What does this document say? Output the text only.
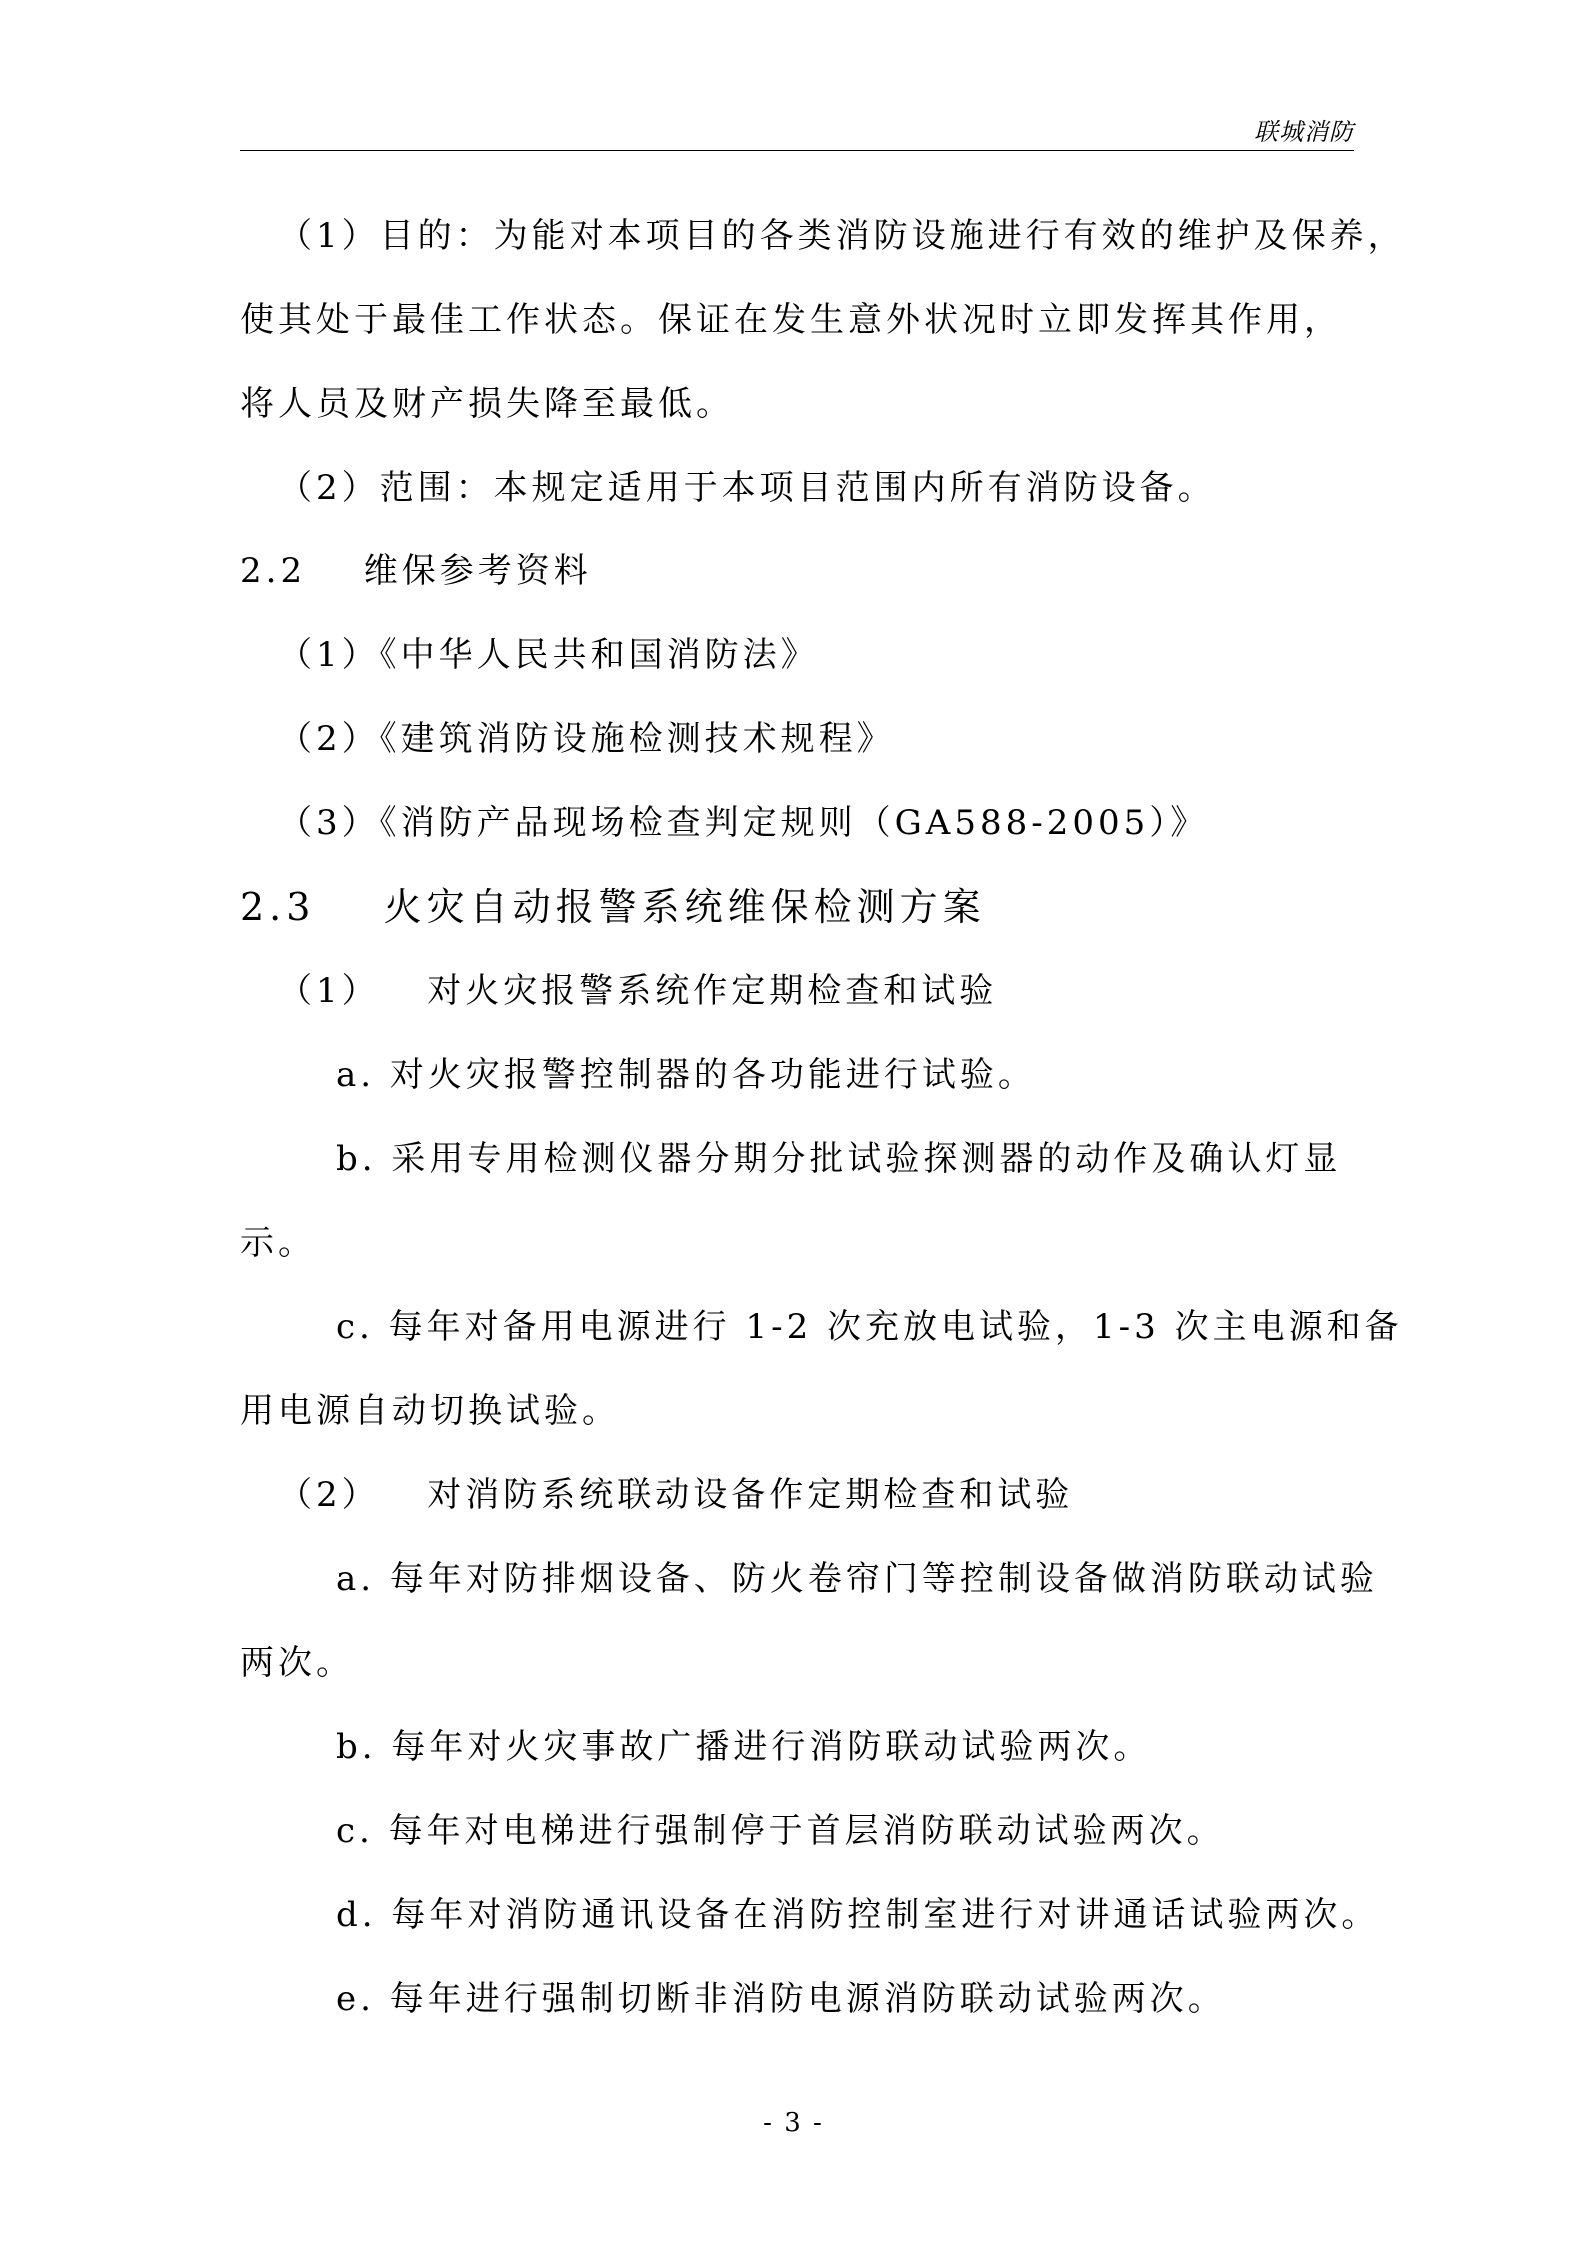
联城消防
（1）目的：为能对本项目的各类消防设施进行有效的维护及保养，
使其处于最佳工作状态。保证在发生意外状况时立即发挥其作用，
将人员及财产损失降至最低。
（2）范围：本规定适用于本项目范围内所有消防设备。
2.2 维保参考资料
（1）《中华人民共和国消防法》
（2）《建筑消防设施检测技术规程》
（3）《消防产品现场检查判定规则（GA588-2005）》
2.3 火灾自动报警系统维保检测方案
（1） 对火灾报警系统作定期检查和试验
a. 对火灾报警控制器的各功能进行试验。
b. 采用专用检测仪器分期分批试验探测器的动作及确认灯显
示。
c. 每年对备用电源进行 1-2 次充放电试验，1-3 次主电源和备
用电源自动切换试验。
（2） 对消防系统联动设备作定期检查和试验
a. 每年对防排烟设备、防火卷帘门等控制设备做消防联动试验
两次。
b. 每年对火灾事故广播进行消防联动试验两次。
c. 每年对电梯进行强制停于首层消防联动试验两次。
d. 每年对消防通讯设备在消防控制室进行对讲通话试验两次。
e. 每年进行强制切断非消防电源消防联动试验两次。
- 3 -
